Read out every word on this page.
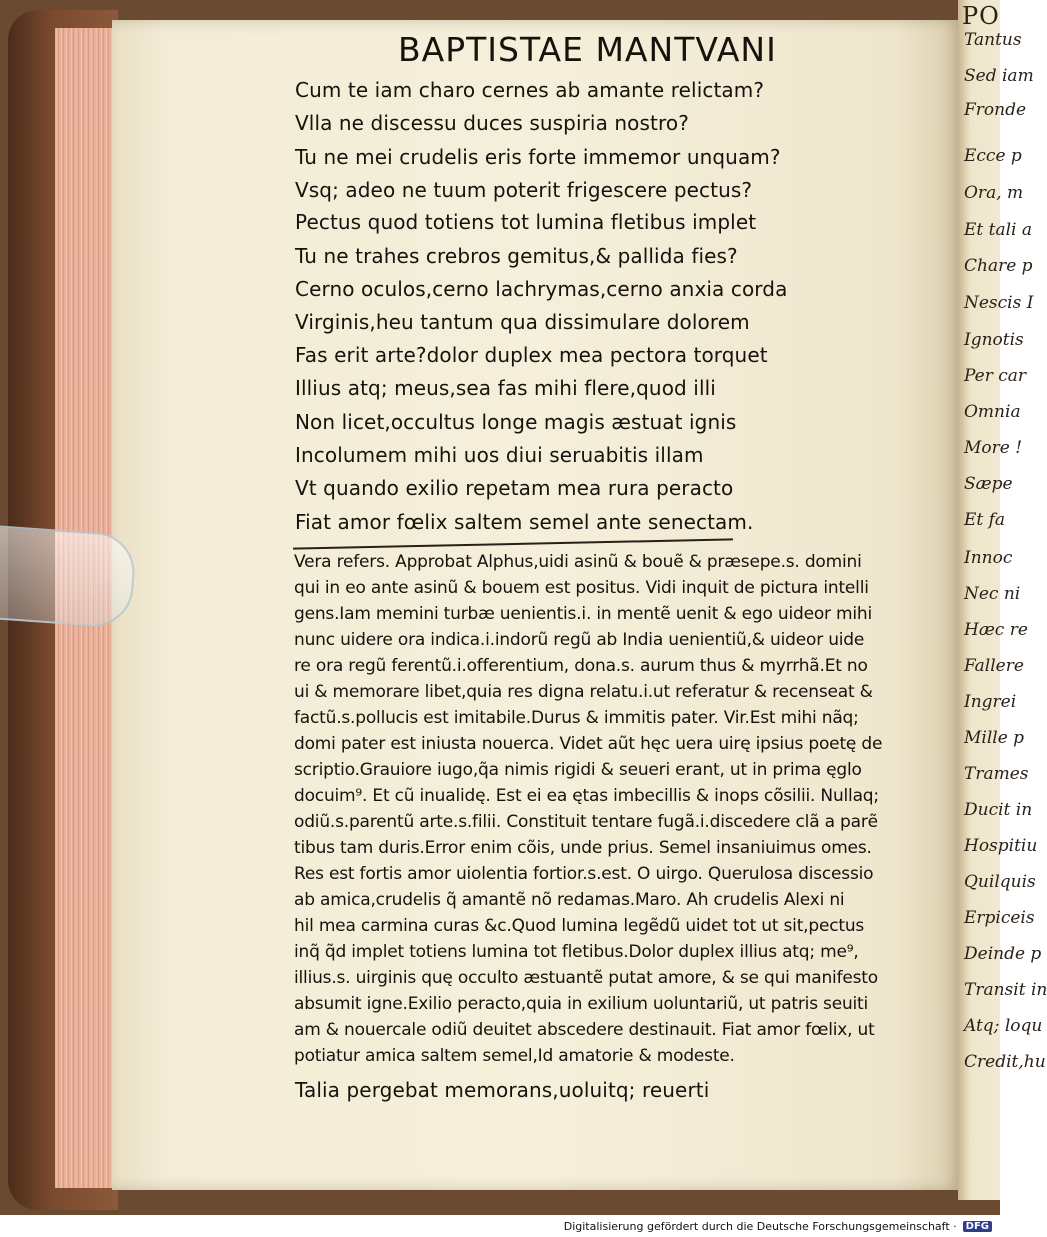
PO
Tantus
Sed iam
Fronde
Ecce p
Ora, m
Et tali a
Chare p
Nescis I
Ignotis
Per car
Omnia
More !
Sæpe
Et fa
Innoc
Nec ni
Hæc re
Fallere
Ingrei
Mille p
Trames
Ducit in
Hospitiu
Quilquis
Erpiceis
Deinde p
Transit in
Atq; loqu
Credit,hu
BAPTISTAE MANTVANI
Cum te iam charo cernes ab amante relictam?
Vlla ne discessu duces suspiria nostro?
Tu ne mei crudelis eris forte immemor unquam?
Vsq; adeo ne tuum poterit frigescere pectus?
Pectus quod totiens tot lumina fletibus implet
Tu ne trahes crebros gemitus,& pallida fies?
Cerno oculos,cerno lachrymas,cerno anxia corda
Virginis,heu tantum qua dissimulare dolorem
Fas erit arte?dolor duplex mea pectora torquet
Illius atq; meus,sea fas mihi flere,quod illi
Non licet,occultus longe magis æstuat ignis
Incolumem mihi uos diui seruabitis illam
Vt quando exilio repetam mea rura peracto
Fiat amor fœlix saltem semel ante senectam.
Vera refers. Approbat Alphus,uidi asinũ & bouẽ & præsepe.s. domini
qui in eo ante asinũ & bouem est positus. Vidi inquit de pictura intelli
gens.Iam memini turbæ uenientis.i. in mentẽ uenit & ego uideor mihi
nunc uidere ora indica.i.indorũ regũ ab India uenientiũ,& uideor uide
re ora regũ ferentũ.i.offerentium, dona.s. aurum thus & myrrhã.Et no
ui & memorare libet,quia res digna relatu.i.ut referatur & recenseat &
factũ.s.pollucis est imitabile.Durus & immitis pater. Vir.Est mihi nãq;
domi pater est iniusta nouerca. Videt aũt hęc uera uirę ipsius poetę de
scriptio.Grauiore iugo,q̃a nimis rigidi & seueri erant, ut in prima ęglo
docuim⁹. Et cũ inualidę. Est ei ea ętas imbecillis & inops cõsilii. Nullaq;
odiũ.s.parentũ arte.s.filii. Constituit tentare fugã.i.discedere clã a parẽ
tibus tam duris.Error enim cõis, unde prius. Semel insaniuimus omes.
Res est fortis amor uiolentia fortior.s.est. O uirgo. Querulosa discessio
ab amica,crudelis q̃ amantẽ nõ redamas.Maro. Ah crudelis Alexi ni
hil mea carmina curas &c.Quod lumina legẽdũ uidet tot ut sit,pectus
inq̃ q̃d implet totiens lumina tot fletibus.Dolor duplex illius atq; me⁹,
illius.s. uirginis quę occulto æstuantẽ putat amore, & se qui manifesto
absumit igne.Exilio peracto,quia in exilium uoluntariũ, ut patris seuiti
am & nouercale odiũ deuitet abscedere destinauit. Fiat amor fœlix, ut
potiatur amica saltem semel,Id amatorie & modeste.
Talia pergebat memorans,uoluitq; reuerti
Digitalisierung gefördert durch die Deutsche Forschungsgemeinschaft · DFG
